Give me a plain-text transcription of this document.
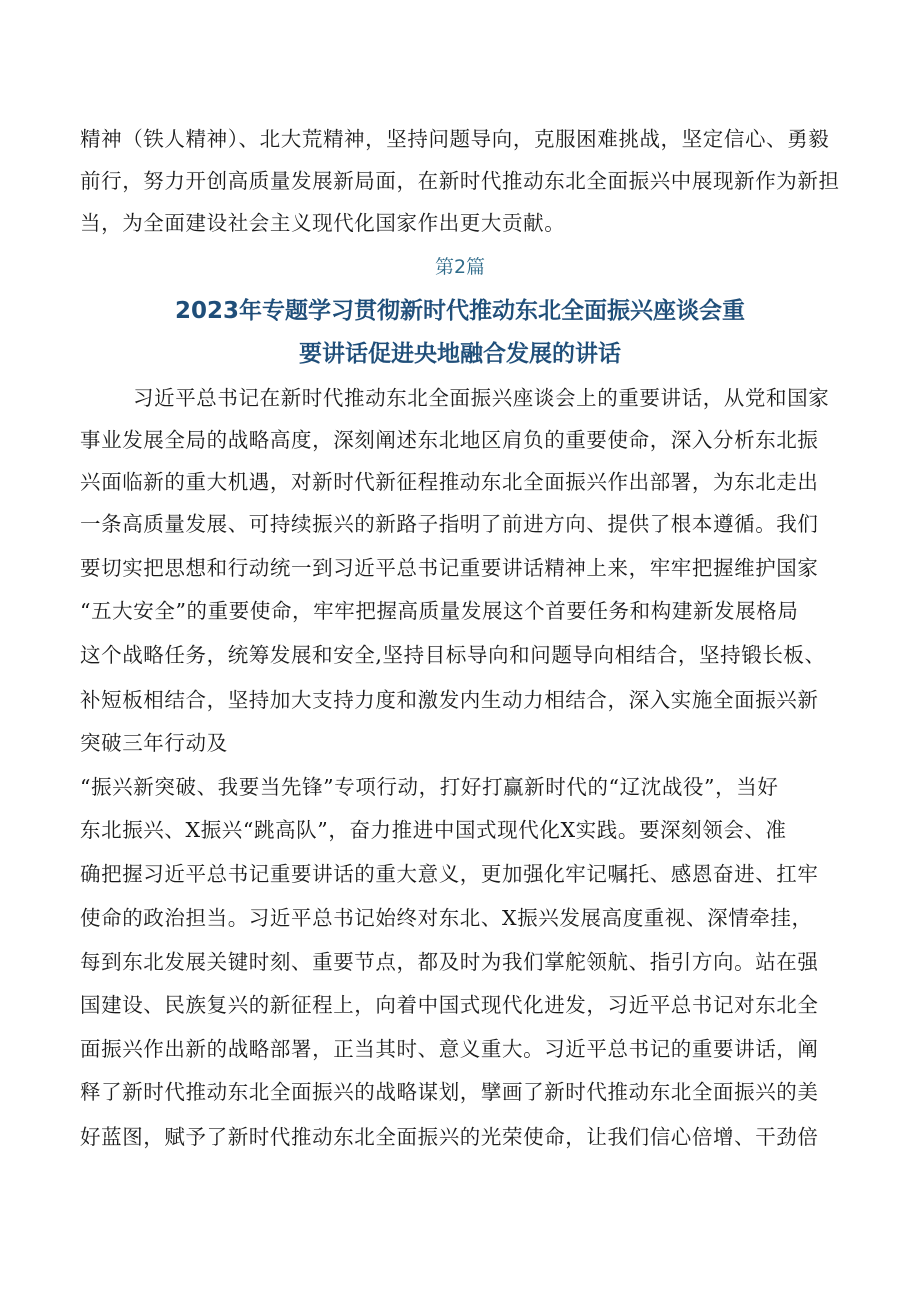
精神（铁人精神）、北大荒精神，坚持问题导向，克服困难挑战，坚定信心、勇毅
前行，努力开创高质量发展新局面，在新时代推动东北全面振兴中展现新作为新担
当，为全面建设社会主义现代化国家作出更大贡献。
第2篇
2023年专题学习贯彻新时代推动东北全面振兴座谈会重
要讲话促进央地融合发展的讲话
习近平总书记在新时代推动东北全面振兴座谈会上的重要讲话，从党和国家
事业发展全局的战略高度，深刻阐述东北地区肩负的重要使命，深入分析东北振
兴面临新的重大机遇，对新时代新征程推动东北全面振兴作出部署，为东北走出
一条高质量发展、可持续振兴的新路子指明了前进方向、提供了根本遵循。我们
要切实把思想和行动统一到习近平总书记重要讲话精神上来，牢牢把握维护国家
“五大安全”的重要使命，牢牢把握高质量发展这个首要任务和构建新发展格局
这个战略任务，统筹发展和安全,坚持目标导向和问题导向相结合，坚持锻长板、
补短板相结合，坚持加大支持力度和激发内生动力相结合，深入实施全面振兴新
突破三年行动及
“振兴新突破、我要当先锋”专项行动，打好打赢新时代的“辽沈战役”，当好
东北振兴、X振兴“跳高队”，奋力推进中国式现代化X实践。要深刻领会、准
确把握习近平总书记重要讲话的重大意义，更加强化牢记嘱托、感恩奋进、扛牢
使命的政治担当。习近平总书记始终对东北、X振兴发展高度重视、深情牵挂，
每到东北发展关键时刻、重要节点，都及时为我们掌舵领航、指引方向。站在强
国建设、民族复兴的新征程上，向着中国式现代化进发，习近平总书记对东北全
面振兴作出新的战略部署，正当其时、意义重大。习近平总书记的重要讲话，阐
释了新时代推动东北全面振兴的战略谋划，擘画了新时代推动东北全面振兴的美
好蓝图，赋予了新时代推动东北全面振兴的光荣使命，让我们信心倍增、干劲倍
